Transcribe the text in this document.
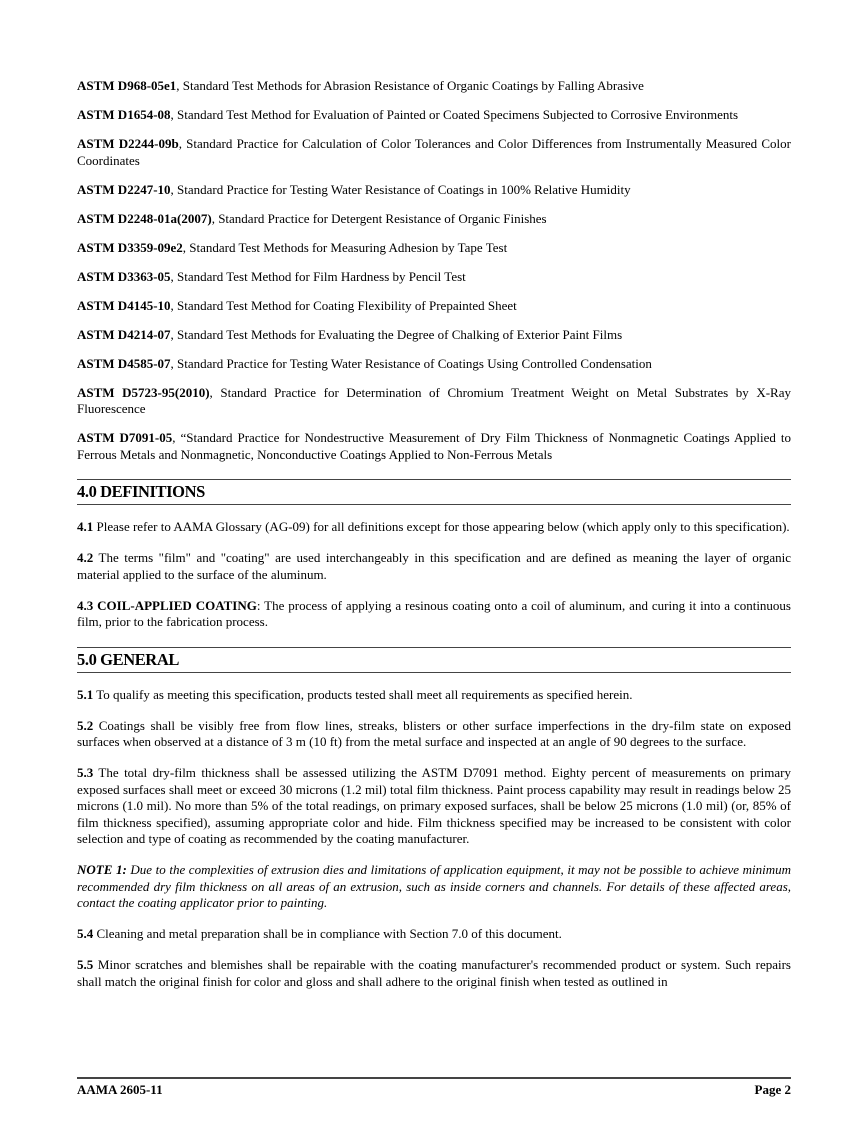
ASTM D968-05e1, Standard Test Methods for Abrasion Resistance of Organic Coatings by Falling Abrasive

ASTM D1654-08, Standard Test Method for Evaluation of Painted or Coated Specimens Subjected to Corrosive Environments

ASTM D2244-09b, Standard Practice for Calculation of Color Tolerances and Color Differences from Instrumentally Measured Color Coordinates

ASTM D2247-10, Standard Practice for Testing Water Resistance of Coatings in 100% Relative Humidity

ASTM D2248-01a(2007), Standard Practice for Detergent Resistance of Organic Finishes

ASTM D3359-09e2, Standard Test Methods for Measuring Adhesion by Tape Test

ASTM D3363-05, Standard Test Method for Film Hardness by Pencil Test

ASTM D4145-10, Standard Test Method for Coating Flexibility of Prepainted Sheet

ASTM D4214-07, Standard Test Methods for Evaluating the Degree of Chalking of Exterior Paint Films

ASTM D4585-07, Standard Practice for Testing Water Resistance of Coatings Using Controlled Condensation

ASTM D5723-95(2010), Standard Practice for Determination of Chromium Treatment Weight on Metal Substrates by X-Ray Fluorescence

ASTM D7091-05, “Standard Practice for Nondestructive Measurement of Dry Film Thickness of Nonmagnetic Coatings Applied to Ferrous Metals and Nonmagnetic, Nonconductive Coatings Applied to Non-Ferrous Metals

4.0 DEFINITIONS

4.1 Please refer to AAMA Glossary (AG-09) for all definitions except for those appearing below (which apply only to this specification).

4.2 The terms "film" and "coating" are used interchangeably in this specification and are defined as meaning the layer of organic material applied to the surface of the aluminum.

4.3 COIL-APPLIED COATING: The process of applying a resinous coating onto a coil of aluminum, and curing it into a continuous film, prior to the fabrication process.

5.0 GENERAL

5.1 To qualify as meeting this specification, products tested shall meet all requirements as specified herein.

5.2 Coatings shall be visibly free from flow lines, streaks, blisters or other surface imperfections in the dry-film state on exposed surfaces when observed at a distance of 3 m (10 ft) from the metal surface and inspected at an angle of 90 degrees to the surface.

5.3 The total dry-film thickness shall be assessed utilizing the ASTM D7091 method. Eighty percent of measurements on primary exposed surfaces shall meet or exceed 30 microns (1.2 mil) total film thickness. Paint process capability may result in readings below 25 microns (1.0 mil). No more than 5% of the total readings, on primary exposed surfaces, shall be below 25 microns (1.0 mil) (or, 85% of film thickness specified), assuming appropriate color and hide. Film thickness specified may be increased to be consistent with color selection and type of coating as recommended by the coating manufacturer.

NOTE 1: Due to the complexities of extrusion dies and limitations of application equipment, it may not be possible to achieve minimum recommended dry film thickness on all areas of an extrusion, such as inside corners and channels. For details of these affected areas, contact the coating applicator prior to painting.

5.4 Cleaning and metal preparation shall be in compliance with Section 7.0 of this document.

5.5 Minor scratches and blemishes shall be repairable with the coating manufacturer's recommended product or system. Such repairs shall match the original finish for color and gloss and shall adhere to the original finish when tested as outlined in

AAMA 2605-11	Page 2
